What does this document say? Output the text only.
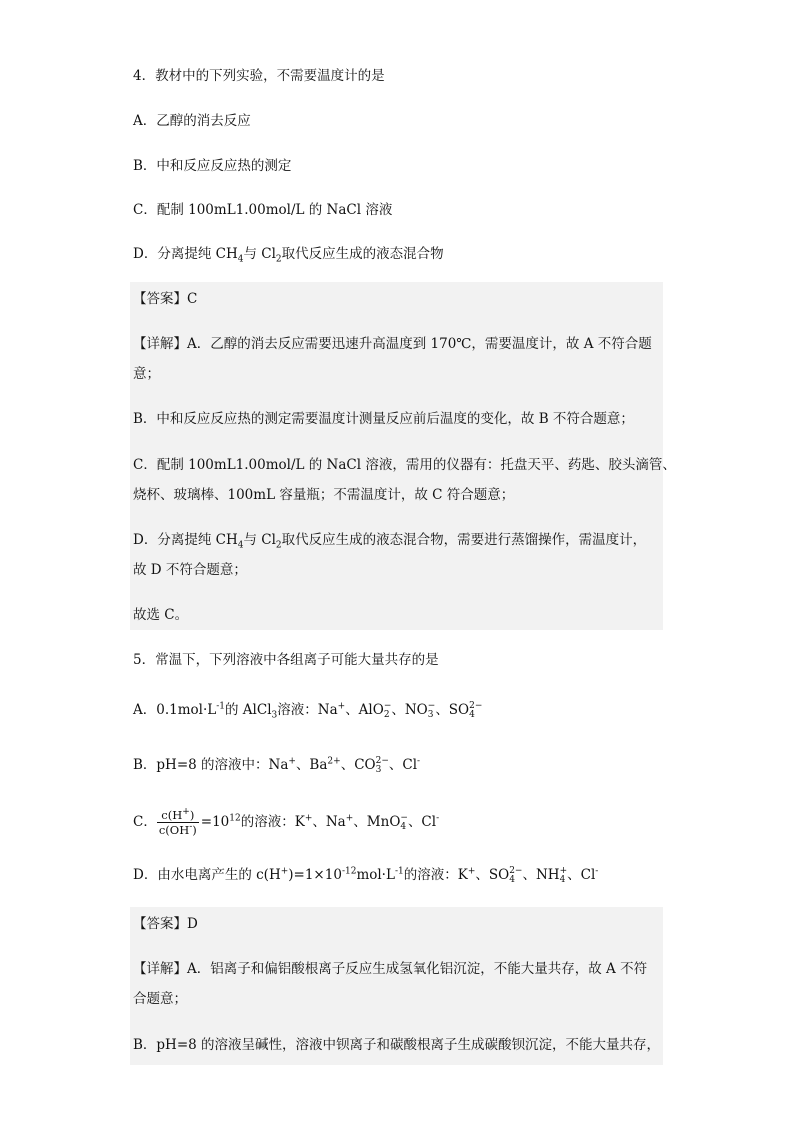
4．教材中的下列实验，不需要温度计的是
A．乙醇的消去反应
B．中和反应反应热的测定
C．配制 100mL1.00mol/L 的 NaCl 溶液
D．分离提纯 $CH_4$与 $Cl_2$取代反应生成的液态混合物
【答案】C
【详解】A．乙醇的消去反应需要迅速升高温度到 170℃，需要温度计，故 A 不符合题
意；
B．中和反应反应热的测定需要温度计测量反应前后温度的变化，故 B 不符合题意；
C．配制 100mL1.00mol/L 的 NaCl 溶液，需用的仪器有：托盘天平、药匙、胶头滴管、
烧杯、玻璃棒、100mL 容量瓶；不需温度计，故 C 符合题意；
D．分离提纯 $CH_4$与 $Cl_2$取代反应生成的液态混合物，需要进行蒸馏操作，需温度计，
故 D 不符合题意；
故选 C。
5．常温下，下列溶液中各组离子可能大量共存的是
A．$0.1mol\cdot L^{-1}$的 AlCl$_3$溶液：Na+、AlO −
2 、NO −
3 、SO 2−
4
B．pH=8 的溶液中：Na+、$Ba^{2+}$、CO 2−
3 、Cl-
C． $\frac{c(H^+)}{c(OH^-)} =10^{12}$的溶液：K+、Na+、MnO −
4 、Cl-
D．由水电离产生的 $c(H^+)=1\times 10^{-12}mol\cdot L^{-1}$的溶液：K+、SO 2−
4 、NH +
4 、Cl-
【答案】D
【详解】A．铝离子和偏铝酸根离子反应生成氢氧化铝沉淀，不能大量共存，故 A 不符
合题意；
B．pH=8 的溶液呈碱性，溶液中钡离子和碳酸根离子生成碳酸钡沉淀，不能大量共存，
